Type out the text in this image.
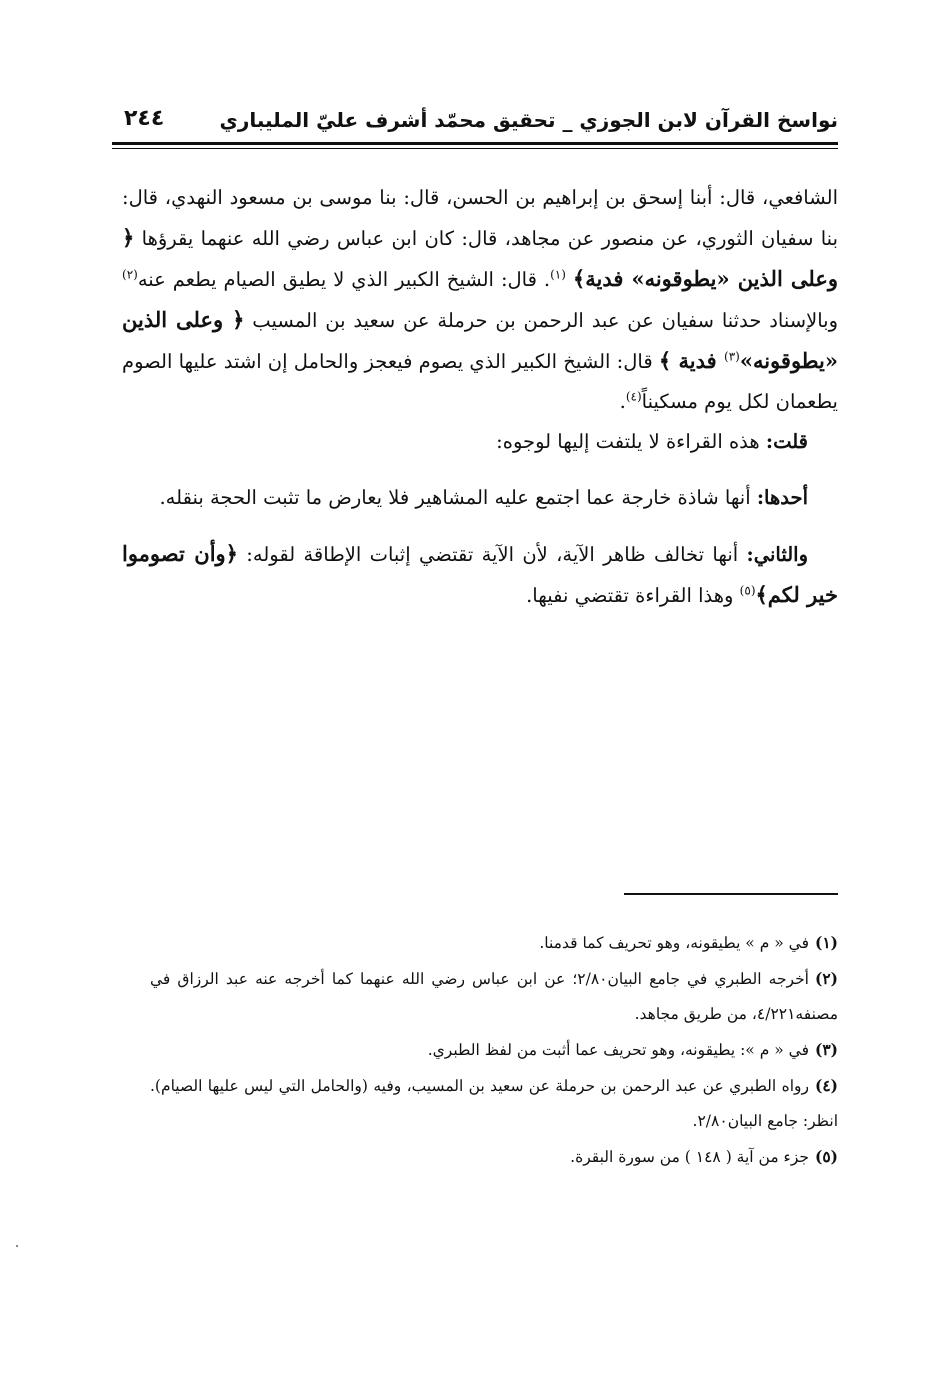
نواسخ القرآن لابن الجوزي _ تحقيق محمّد أشرف عليّ المليباري
٢٤٤

الشافعي، قال: أبنا إسحق بن إبراهيم بن الحسن، قال: بنا موسى بن مسعود النهدي، قال: بنا سفيان الثوري، عن منصور عن مجاهد، قال: كان ابن عباس رضي الله عنهما يقرؤها ﴿ وعلى الذين «يطوقونه» فدية﴾ $^{(١)}$. قال: الشيخ الكبير الذي لا يطيق الصيام يطعم عنه$^{(٢)}$ وبالإسناد حدثنا سفيان عن عبد الرحمن بن حرملة عن سعيد بن المسيب ﴿ وعلى الذين «يطوقونه»$^{(٣)}$ فدية ﴾ قال: الشيخ الكبير الذي يصوم فيعجز والحامل إن اشتد عليها الصوم يطعمان لكل يوم مسكيناً$^{(٤)}$.

قلت: هذه القراءة لا يلتفت إليها لوجوه:

أحدها: أنها شاذة خارجة عما اجتمع عليه المشاهير فلا يعارض ما تثبت الحجة بنقله.

والثاني: أنها تخالف ظاهر الآية، لأن الآية تقتضي إثبات الإطاقة لقوله: ﴿وأن تصوموا خير لكم﴾$^{(٥)}$ وهذا القراءة تقتضي نفيها.

(١)في « م » يطيقونه، وهو تحريف كما قدمنا.

(٢)أخرجه الطبري في جامع البيان٢/٨٠؛ عن ابن عباس رضي الله عنهما كما أخرجه عنه عبد الرزاق في مصنفه٤/٢٢١، من طريق مجاهد.

(٣)في « م »: يطيقونه، وهو تحريف عما أثبت من لفظ الطبري.

(٤)رواه الطبري عن عبد الرحمن بن حرملة عن سعيد بن المسيب، وفيه (والحامل التي ليس عليها الصيام). انظر: جامع البيان٢/٨٠.

(٥)جزء من آية ( ١٤٨ ) من سورة البقرة.
